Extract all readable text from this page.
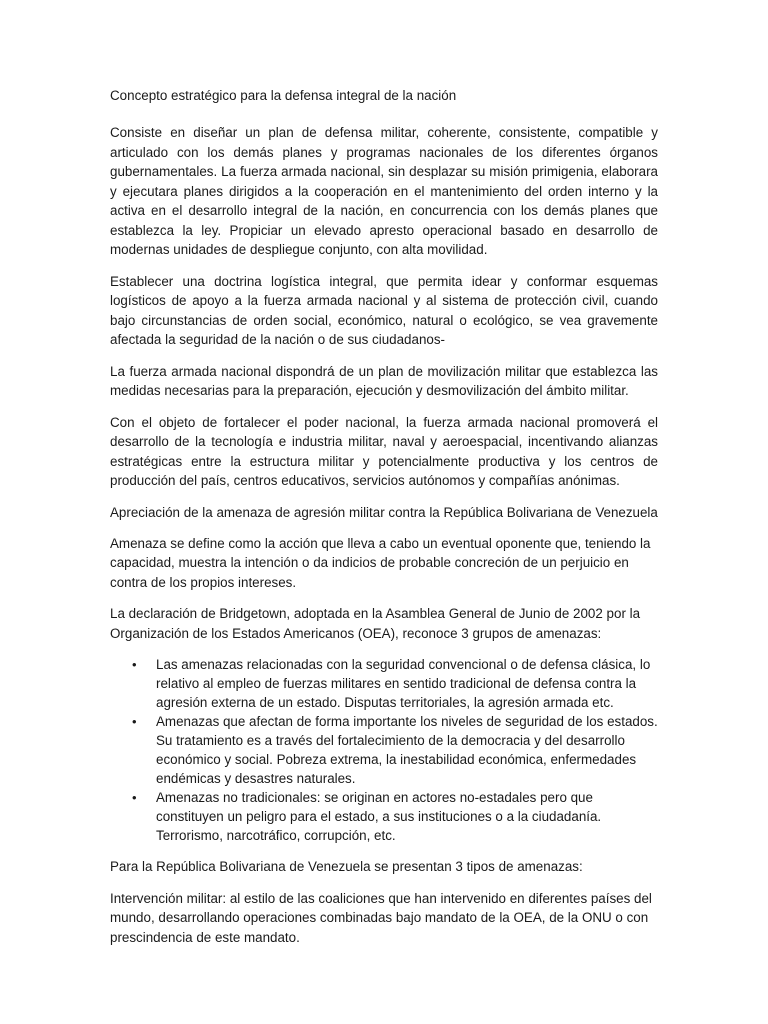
Concepto estratégico para la defensa integral de la nación

Consiste en diseñar un plan de defensa militar, coherente, consistente, compatible y articulado con los demás planes y programas nacionales de los diferentes órganos gubernamentales. La fuerza armada nacional, sin desplazar su misión primigenia, elaborara y ejecutara planes dirigidos a la cooperación en el mantenimiento del orden interno y la activa en el desarrollo integral de la nación, en concurrencia con los demás planes que establezca la ley. Propiciar un elevado apresto operacional basado en desarrollo de modernas unidades de despliegue conjunto, con alta movilidad.

Establecer una doctrina logística integral, que permita idear y conformar esquemas logísticos de apoyo a la fuerza armada nacional y al sistema de protección civil, cuando bajo circunstancias de orden social, económico, natural o ecológico, se vea gravemente afectada la seguridad de la nación o de sus ciudadanos-

La fuerza armada nacional dispondrá de un plan de movilización militar que establezca las medidas necesarias para la preparación, ejecución y desmovilización del ámbito militar.

Con el objeto de fortalecer el poder nacional, la fuerza armada nacional promoverá el desarrollo de la tecnología e industria militar, naval y aeroespacial, incentivando alianzas estratégicas entre la estructura militar y potencialmente productiva y los centros de producción del país, centros educativos, servicios autónomos y compañías anónimas.

Apreciación de la amenaza de agresión militar contra la República Bolivariana de Venezuela

Amenaza se define como la acción que lleva a cabo un eventual oponente que, teniendo la capacidad, muestra la intención o da indicios de probable concreción de un perjuicio en contra de los propios intereses.

La declaración de Bridgetown, adoptada en la Asamblea General de Junio de 2002 por la Organización de los Estados Americanos (OEA), reconoce 3 grupos de amenazas:

• Las amenazas relacionadas con la seguridad convencional o de defensa clásica, lo relativo al empleo de fuerzas militares en sentido tradicional de defensa contra la agresión externa de un estado. Disputas territoriales, la agresión armada etc.
• Amenazas que afectan de forma importante los niveles de seguridad de los estados. Su tratamiento es a través del fortalecimiento de la democracia y del desarrollo económico y social. Pobreza extrema, la inestabilidad económica, enfermedades endémicas y desastres naturales.
• Amenazas no tradicionales: se originan en actores no-estadales pero que constituyen un peligro para el estado, a sus instituciones o a la ciudadanía. Terrorismo, narcotráfico, corrupción, etc.

Para la República Bolivariana de Venezuela se presentan 3 tipos de amenazas:

Intervención militar: al estilo de las coaliciones que han intervenido en diferentes países del mundo, desarrollando operaciones combinadas bajo mandato de la OEA, de la ONU o con prescindencia de este mandato.
